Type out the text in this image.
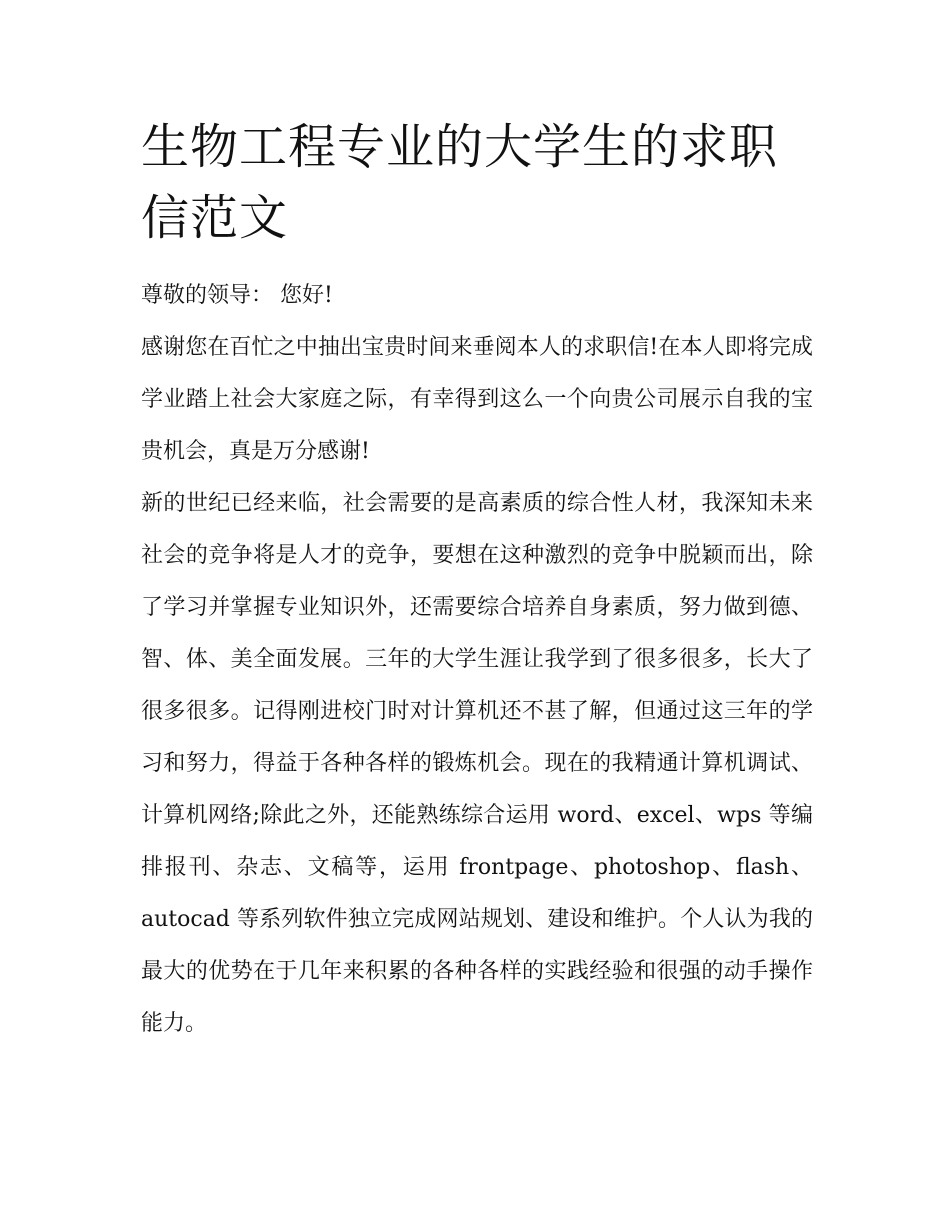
生物工程专业的大学生的求职信范文

尊敬的领导： 您好!

感谢您在百忙之中抽出宝贵时间来垂阅本人的求职信!在本人即将完成学业踏上社会大家庭之际，有幸得到这么一个向贵公司展示自我的宝贵机会，真是万分感谢!

新的世纪已经来临，社会需要的是高素质的综合性人材，我深知未来社会的竞争将是人才的竞争，要想在这种激烈的竞争中脱颖而出，除了学习并掌握专业知识外，还需要综合培养自身素质，努力做到德、智、体、美全面发展。三年的大学生涯让我学到了很多很多，长大了很多很多。记得刚进校门时对计算机还不甚了解，但通过这三年的学习和努力，得益于各种各样的锻炼机会。现在的我精通计算机调试、计算机网络;除此之外，还能熟练综合运用 word、excel、wps 等编排报刊、杂志、文稿等，运用 frontpage、photoshop、flash、autocad 等系列软件独立完成网站规划、建设和维护。个人认为我的最大的优势在于几年来积累的各种各样的实践经验和很强的动手操作能力。
